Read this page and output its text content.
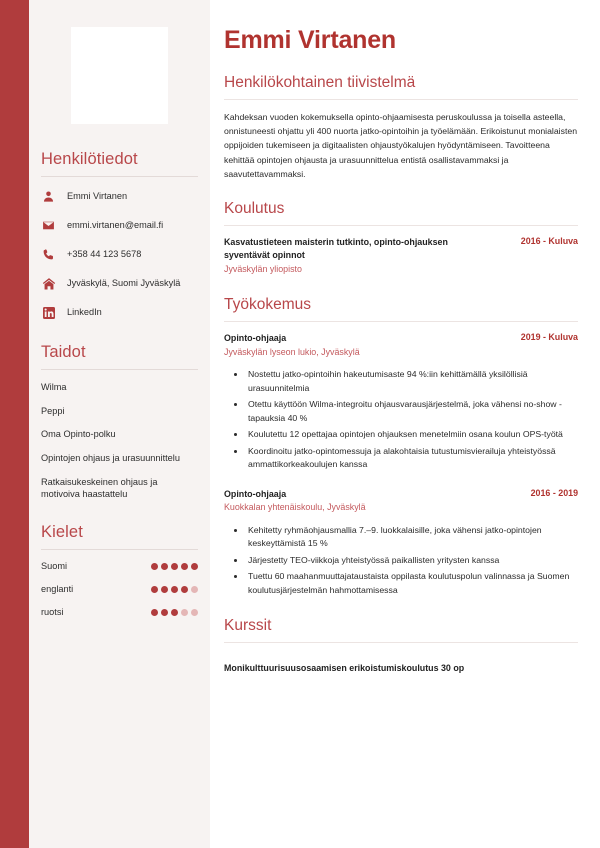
Henkilötiedot
Emmi Virtanen
emmi.virtanen@email.fi
+358 44 123 5678
Jyväskylä, Suomi Jyväskylä
LinkedIn
Taidot
Wilma
Peppi
Oma Opinto-polku
Opintojen ohjaus ja urasuunnittelu
Ratkaisukeskeinen ohjaus ja motivoiva haastattelu
Kielet
Suomi
englanti
ruotsi
Emmi Virtanen
Henkilökohtainen tiivistelmä

Kahdeksan vuoden kokemuksella opinto-ohjaamisesta peruskoulussa ja toisella asteella, onnistuneesti ohjattu yli 400 nuorta jatko-opintoihin ja työelämään. Erikoistunut monialaisten oppijoiden tukemiseen ja digitaalisten ohjaustyökalujen hyödyntämiseen. Tavoitteena kehittää opintojen ohjausta ja urasuunnittelua entistä osallistavammaksi ja saavutettavammaksi.

Koulutus
Kasvatustieteen maisterin tutkinto, opinto-ohjauksen syventävät opinnot
2016 - Kuluva
Jyväskylän yliopisto
Työkokemus
Opinto-ohjaaja	2019 - Kuluva
Jyväskylän lyseon lukio, Jyväskylä
• Nostettu jatko-opintoihin hakeutumisaste 94 %:iin kehittämällä yksilöllisiä urasuunnitelmia
• Otettu käyttöön Wilma-integroitu ohjausvarausjärjestelmä, joka vähensi no-show -tapauksia 40 %
• Koulutettu 12 opettajaa opintojen ohjauksen menetelmiin osana koulun OPS-työtä
• Koordinoitu jatko-opintomessuja ja alakohtaisia tutustumisvierailuja yhteistyössä ammattikorkeakoulujen kanssa
Opinto-ohjaaja	2016 - 2019
Kuokkalan yhtenäiskoulu, Jyväskylä
• Kehitetty ryhmäohjausmallia 7.–9. luokkalaisille, joka vähensi jatko-opintojen keskeyttämistä 15 %
• Järjestetty TEO-viikkoja yhteistyössä paikallisten yritysten kanssa
• Tuettu 60 maahanmuuttajataustaista oppilasta koulutuspolun valinnassa ja Suomen koulutusjärjestelmän hahmottamisessa
Kurssit
Monikulttuurisuusosaamisen erikoistumiskoulutus 30 op
